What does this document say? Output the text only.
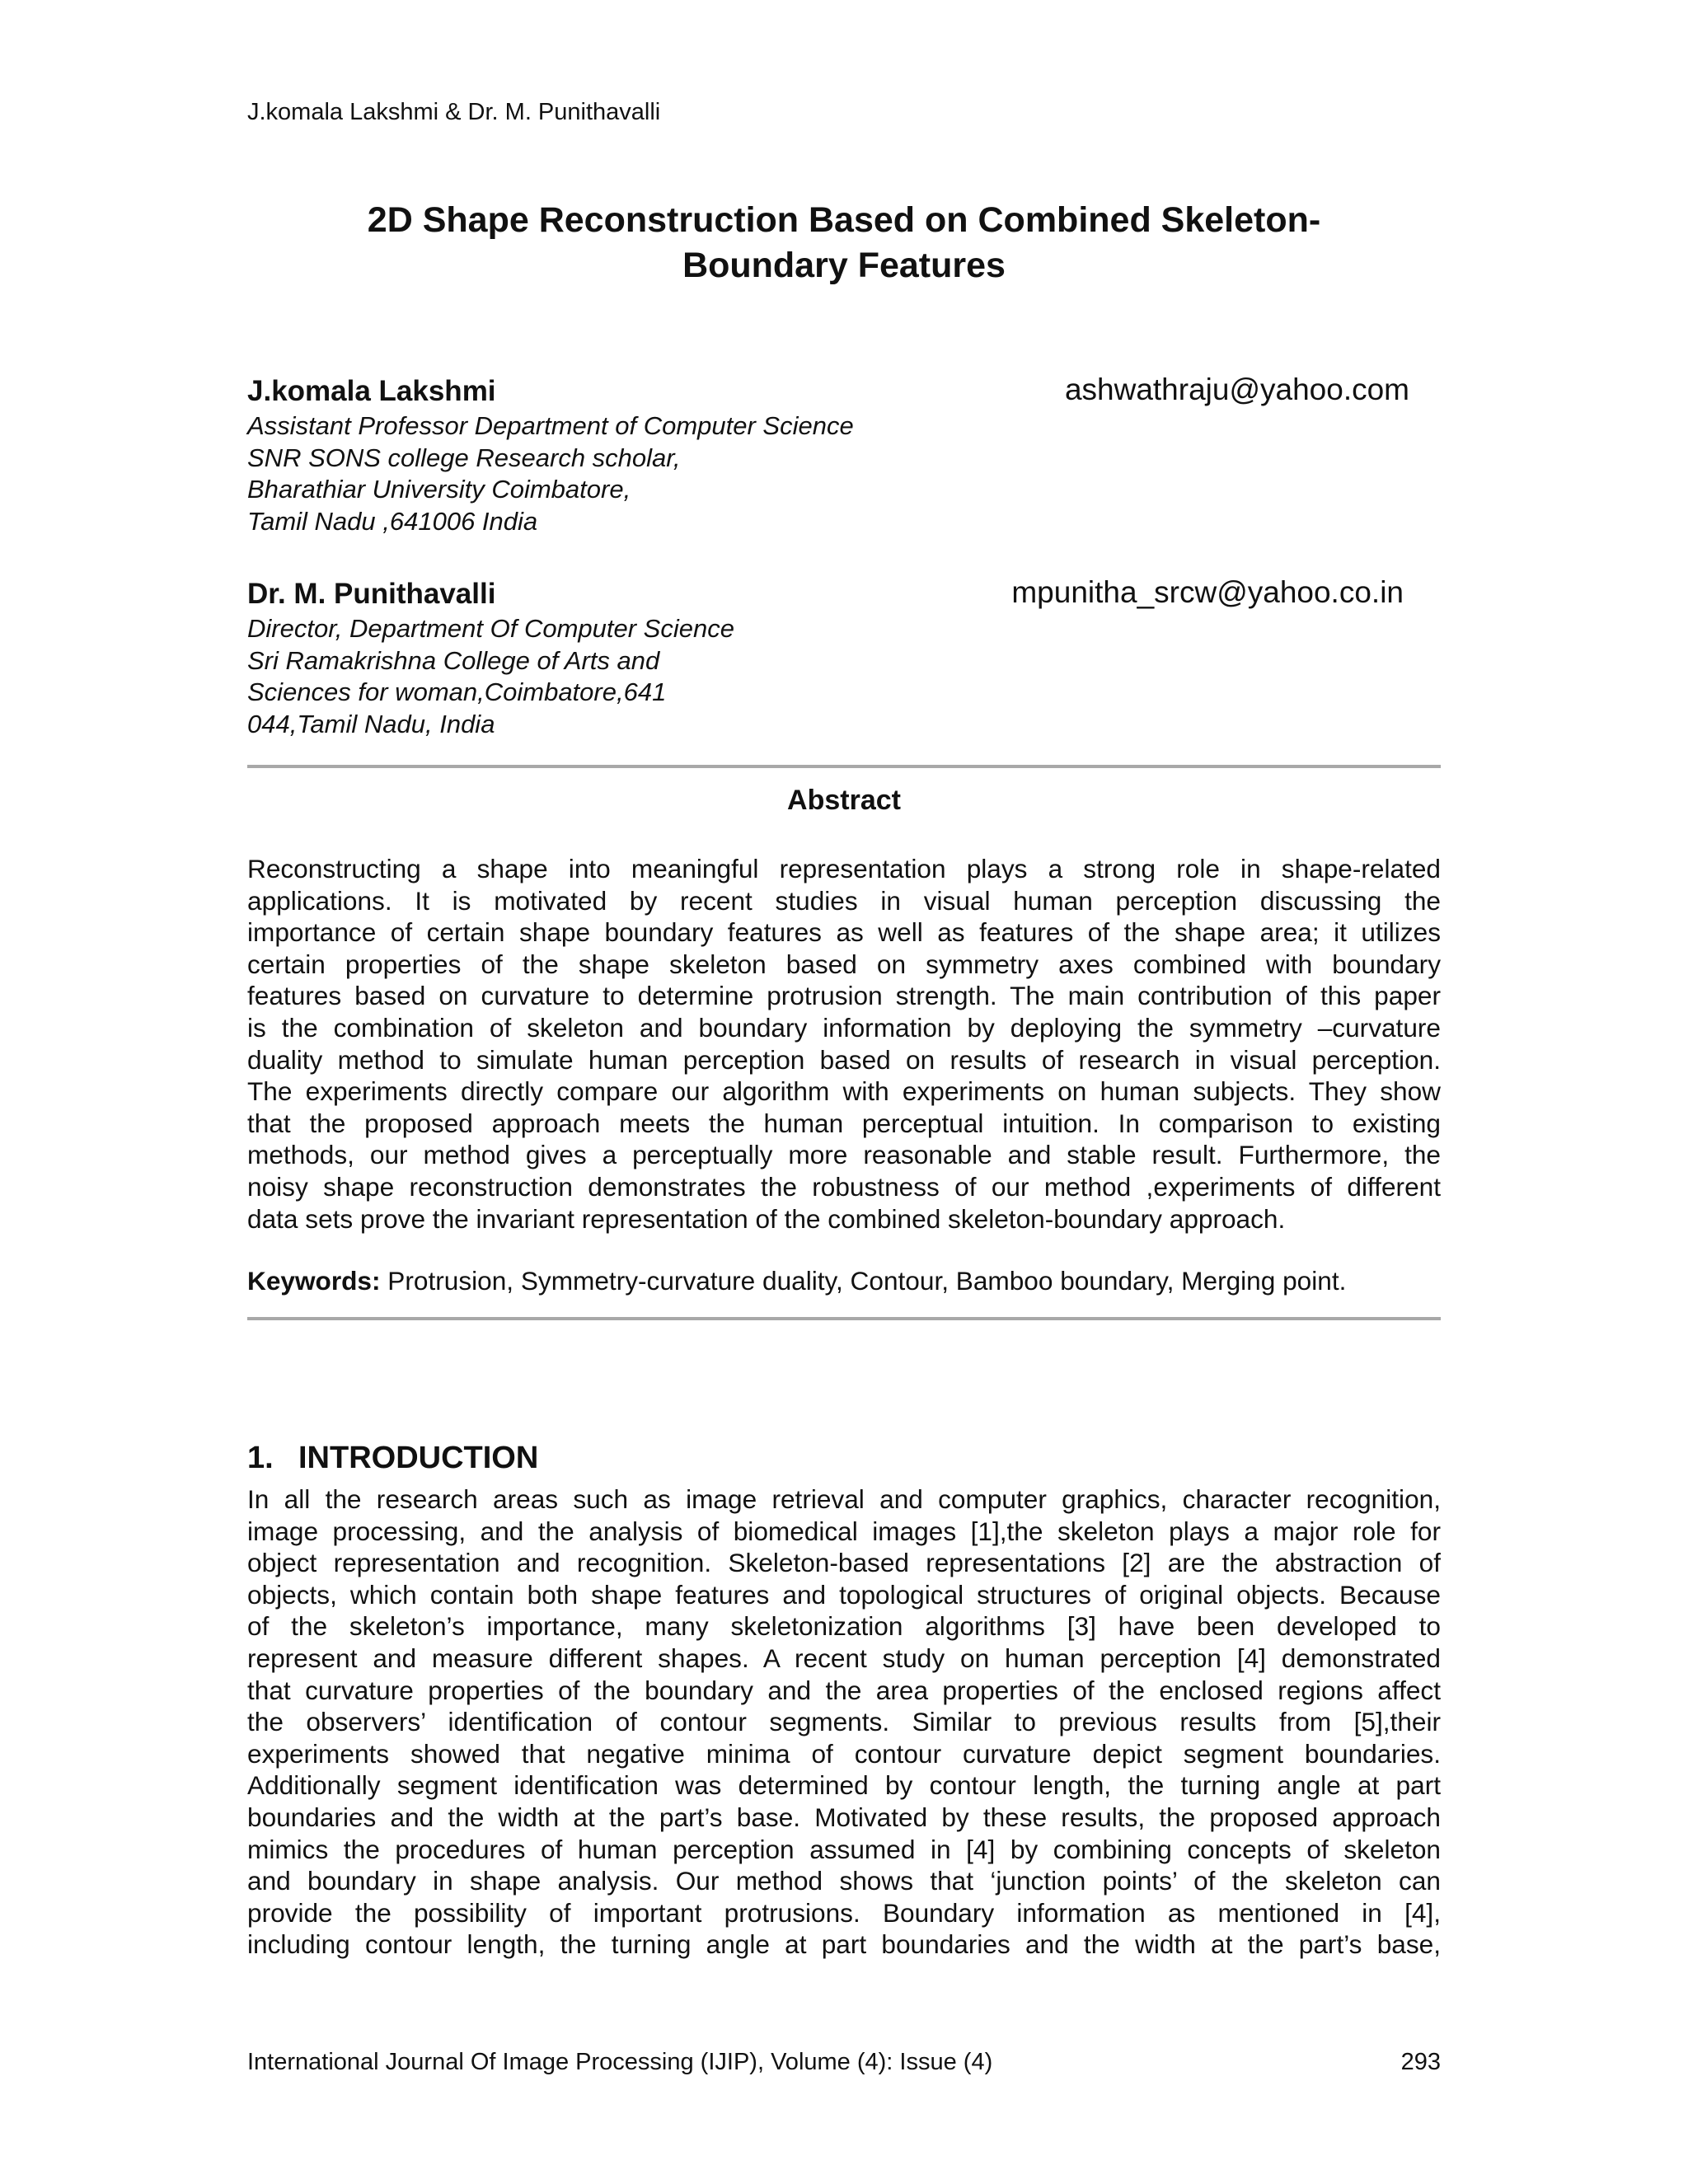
J.komala Lakshmi & Dr. M. Punithavalli
2D Shape Reconstruction Based on Combined Skeleton-
Boundary Features
J.komala Lakshmi	ashwathraju@yahoo.com
Assistant Professor Department of Computer Science
SNR SONS college Research scholar,
Bharathiar University Coimbatore,
Tamil Nadu ,641006 India
Dr. M. Punithavalli	mpunitha_srcw@yahoo.co.in
Director, Department Of Computer Science
Sri Ramakrishna College of Arts and
Sciences for woman,Coimbatore,641
044,Tamil Nadu, India
Abstract
Reconstructing a shape into meaningful representation plays a strong role in shape-related
applications. It is motivated by recent studies in visual human perception discussing the
importance of certain shape boundary features as well as features of the shape area; it utilizes
certain properties of the shape skeleton based on symmetry axes combined with boundary
features based on curvature to determine protrusion strength. The main contribution of this paper
is the combination of skeleton and boundary information by deploying the symmetry –curvature
duality method to simulate human perception based on results of research in visual perception.
The experiments directly compare our algorithm with experiments on human subjects. They show
that the proposed approach meets the human perceptual intuition. In comparison to existing
methods, our method gives a perceptually more reasonable and stable result. Furthermore, the
noisy shape reconstruction demonstrates the robustness of our method ,experiments of different
data sets prove the invariant representation of the combined skeleton-boundary approach.
Keywords: Protrusion, Symmetry-curvature duality, Contour, Bamboo boundary, Merging point.
1. INTRODUCTION
In all the research areas such as image retrieval and computer graphics, character recognition,
image processing, and the analysis of biomedical images [1],the skeleton plays a major role for
object representation and recognition. Skeleton-based representations [2] are the abstraction of
objects, which contain both shape features and topological structures of original objects. Because
of the skeleton’s importance, many skeletonization algorithms [3] have been developed to
represent and measure different shapes. A recent study on human perception [4] demonstrated
that curvature properties of the boundary and the area properties of the enclosed regions affect
the observers’ identification of contour segments. Similar to previous results from [5],their
experiments showed that negative minima of contour curvature depict segment boundaries.
Additionally segment identification was determined by contour length, the turning angle at part
boundaries and the width at the part’s base. Motivated by these results, the proposed approach
mimics the procedures of human perception assumed in [4] by combining concepts of skeleton
and boundary in shape analysis. Our method shows that ‘junction points’ of the skeleton can
provide the possibility of important protrusions. Boundary information as mentioned in [4],
including contour length, the turning angle at part boundaries and the width at the part’s base,
International Journal Of Image Processing (IJIP), Volume (4): Issue (4)	293
